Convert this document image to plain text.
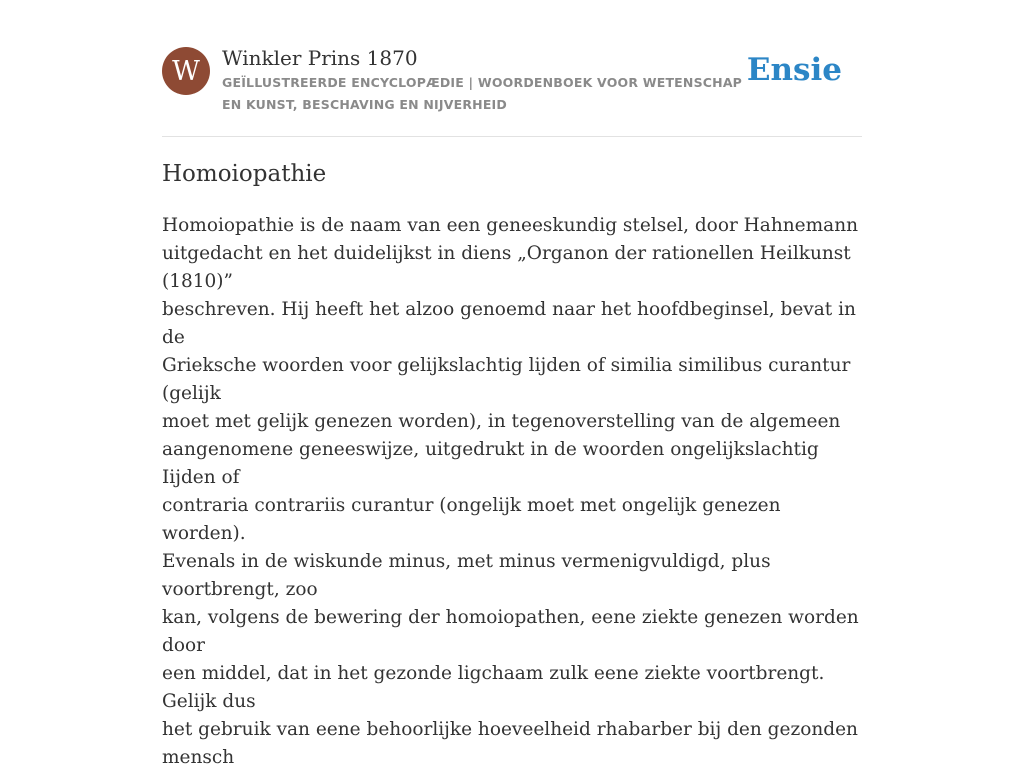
W Winkler Prins 1870
GEÏLLUSTREERDE ENCYCLOPÆDIE | WOORDENBOEK VOOR WETENSCHAP EN KUNST, BESCHAVING EN NIJVERHEID
Ensie
Homoiopathie

Homoiopathie is de naam van een geneeskundig stelsel, door Hahnemann
uitgedacht en het duidelijkst in diens „Organon der rationellen Heilkunst (1810)”
beschreven. Hij heeft het alzoo genoemd naar het hoofdbeginsel, bevat in de
Grieksche woorden voor gelijkslachtig lijden of similia similibus curantur (gelijk
moet met gelijk genezen worden), in tegenoverstelling van de algemeen
aangenomene geneeswijze, uitgedrukt in de woorden ongelijkslachtig Iijden of
contraria contrariis curantur (ongelijk moet met ongelijk genezen worden).
Evenals in de wiskunde minus, met minus vermenigvuldigd, plus voortbrengt, zoo
kan, volgens de bewering der homoiopathen, eene ziekte genezen worden door
een middel, dat in het gezonde ligchaam zulk eene ziekte voortbrengt. Gelijk dus
het gebruik van eene behoorlijke hoeveelheid rhabarber bij den gezonden mensch
